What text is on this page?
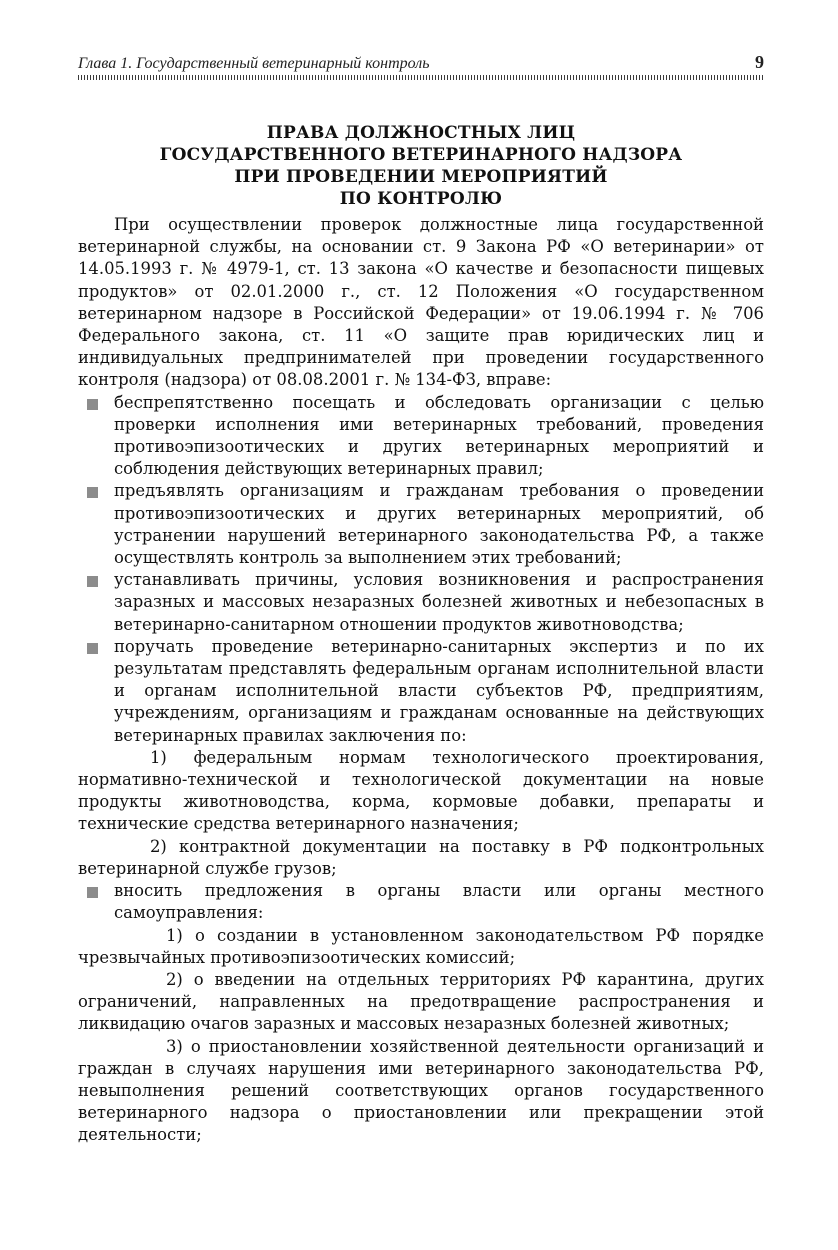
Глава 1. Государственный ветеринарный контроль	9
ПРАВА ДОЛЖНОСТНЫХ ЛИЦ
ГОСУДАРСТВЕННОГО ВЕТЕРИНАРНОГО НАДЗОРА
ПРИ ПРОВЕДЕНИИ МЕРОПРИЯТИЙ
ПО КОНТРОЛЮ

При осуществлении проверок должностные лица государственной ветеринарной службы, на основании ст. 9 Закона РФ «О ветеринарии» от 14.05.1993 г. № 4979-1, ст. 13 закона «О качестве и безопасности пищевых продуктов» от 02.01.2000 г., ст. 12 Положения «О государственном ветеринарном надзоре в Российской Федерации» от 19.06.1994 г. № 706 Федерального закона, ст. 11 «О защите прав юридических лиц и индивидуальных предпринимателей при проведении государственного контроля (надзора) от 08.08.2001 г. № 134-ФЗ, вправе:

беспрепятственно посещать и обследовать организации с целью проверки исполнения ими ветеринарных требований, проведения противоэпизоотических и других ветеринарных мероприятий и соблюдения действующих ветеринарных правил;
предъявлять организациям и гражданам требования о проведении противоэпизоотических и других ветеринарных мероприятий, об устранении нарушений ветеринарного законодательства РФ, а также осуществлять контроль за выполнением этих требований;
устанавливать причины, условия возникновения и распространения заразных и массовых незаразных болезней животных и небезопасных в ветеринарно-санитарном отношении продуктов животноводства;
поручать проведение ветеринарно-санитарных экспертиз и по их результатам представлять федеральным органам исполнительной власти и органам исполнительной власти субъектов РФ, предприятиям, учреждениям, организациям и гражданам основанные на действующих ветеринарных правилах заключения по:

1) федеральным нормам технологического проектирования, нормативно-технической и технологической документации на новые продукты животноводства, корма, кормовые добавки, препараты и технические средства ветеринарного назначения;

2) контрактной документации на поставку в РФ подконтрольных ветеринарной службе грузов;

вносить предложения в органы власти или органы местного самоуправления:

1) о создании в установленном законодательством РФ порядке чрезвычайных противоэпизоотических комиссий;

2) о введении на отдельных территориях РФ карантина, других ограничений, направленных на предотвращение распространения и ликвидацию очагов заразных и массовых незаразных болезней животных;

3) о приостановлении хозяйственной деятельности организаций и граждан в случаях нарушения ими ветеринарного законодательства РФ, невыполнения решений соответствующих органов государственного ветеринарного надзора о приостановлении или прекращении этой деятельности;
